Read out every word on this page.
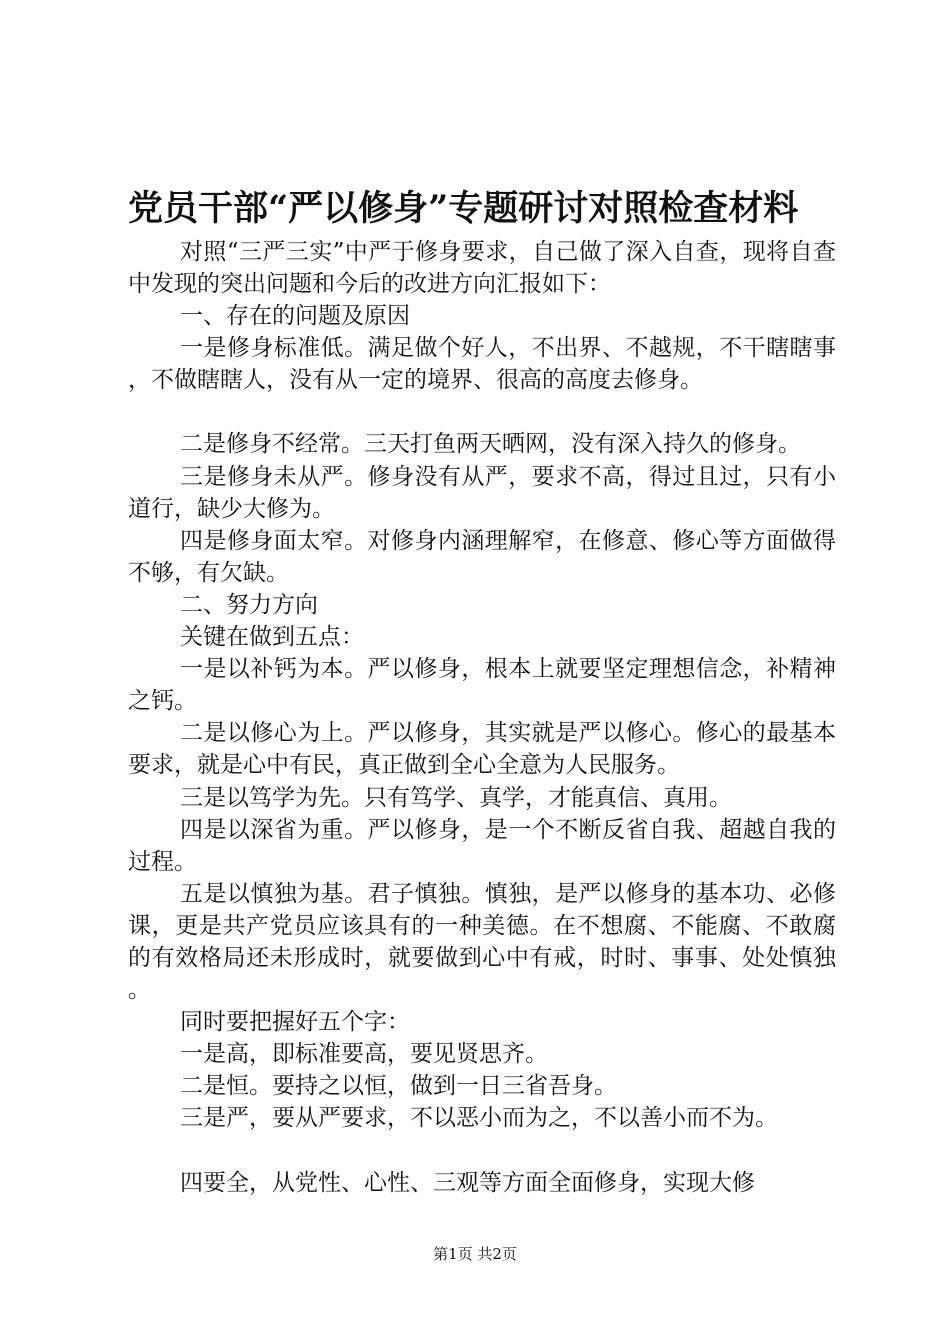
党员干部“严以修身”专题研讨对照检查材料

对照“三严三实”中严于修身要求，自己做了深入自查，现将自查中发现的突出问题和今后的改进方向汇报如下：

一、存在的问题及原因

一是修身标准低。满足做个好人，不出界、不越规，不干瞎瞎事，不做瞎瞎人，没有从一定的境界、很高的高度去修身。

二是修身不经常。三天打鱼两天晒网，没有深入持久的修身。

三是修身未从严。修身没有从严，要求不高，得过且过，只有小道行，缺少大修为。

四是修身面太窄。对修身内涵理解窄，在修意、修心等方面做得不够，有欠缺。

二、努力方向

关键在做到五点：

一是以补钙为本。严以修身，根本上就要坚定理想信念，补精神之钙。

二是以修心为上。严以修身，其实就是严以修心。修心的最基本要求，就是心中有民，真正做到全心全意为人民服务。

三是以笃学为先。只有笃学、真学，才能真信、真用。

四是以深省为重。严以修身，是一个不断反省自我、超越自我的过程。

五是以慎独为基。君子慎独。慎独，是严以修身的基本功、必修课，更是共产党员应该具有的一种美德。在不想腐、不能腐、不敢腐的有效格局还未形成时，就要做到心中有戒，时时、事事、处处慎独。

同时要把握好五个字：

一是高，即标准要高，要见贤思齐。

二是恒。要持之以恒，做到一日三省吾身。

三是严，要从严要求，不以恶小而为之，不以善小而不为。

四要全，从党性、心性、三观等方面全面修身，实现大修

第1页 共2页
